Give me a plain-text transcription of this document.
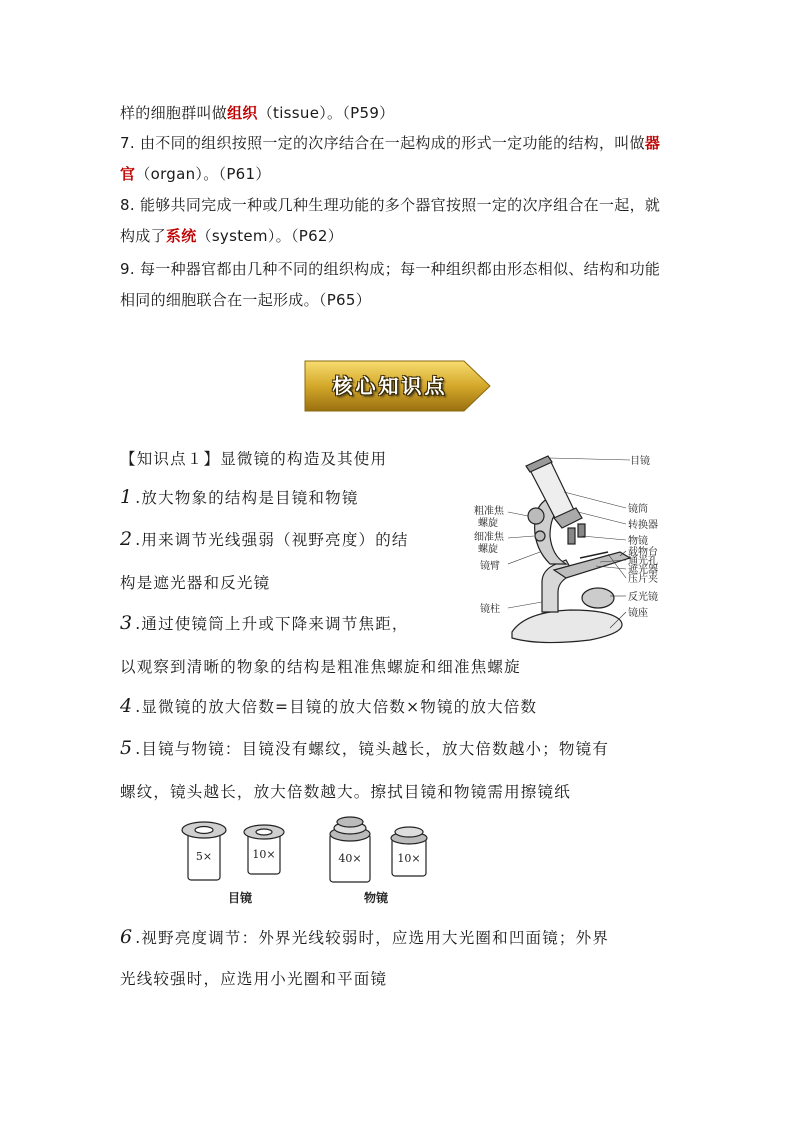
样的细胞群叫做组织（tissue）。（P59）
7. 由不同的组织按照一定的次序结合在一起构成的形式一定功能的结构，叫做器官（organ）。（P61）
8. 能够共同完成一种或几种生理功能的多个器官按照一定的次序组合在一起，就构成了系统（system）。（P62）
9. 每一种器官都由几种不同的组织构成；每一种组织都由形态相似、结构和功能相同的细胞联合在一起形成。（P65）
核心知识点
【知识点１】显微镜的构造及其使用
1 .放大物象的结构是目镜和物镜
2 .用来调节光线强弱（视野亮度）的结
构是遮光器和反光镜
3 .通过使镜筒上升或下降来调节焦距，
以观察到清晰的物象的结构是粗准焦螺旋和细准焦螺旋
4 .显微镜的放大倍数=目镜的放大倍数×物镜的放大倍数
5 .目镜与物镜：目镜没有螺纹，镜头越长，放大倍数越小；物镜有
螺纹，镜头越长，放大倍数越大。擦拭目镜和物镜需用擦镜纸
6 .视野亮度调节：外界光线较弱时，应选用大光圈和凹面镜；外界
光线较强时，应选用小光圈和平面镜
目镜
镜筒
转换器
物镜
载物台
通光孔
遮光器
压片夹
反光镜
镜座
粗准焦
螺旋
细准焦
螺旋
镜臂
镜柱
5×	10×	40×	10×
目镜	物镜
